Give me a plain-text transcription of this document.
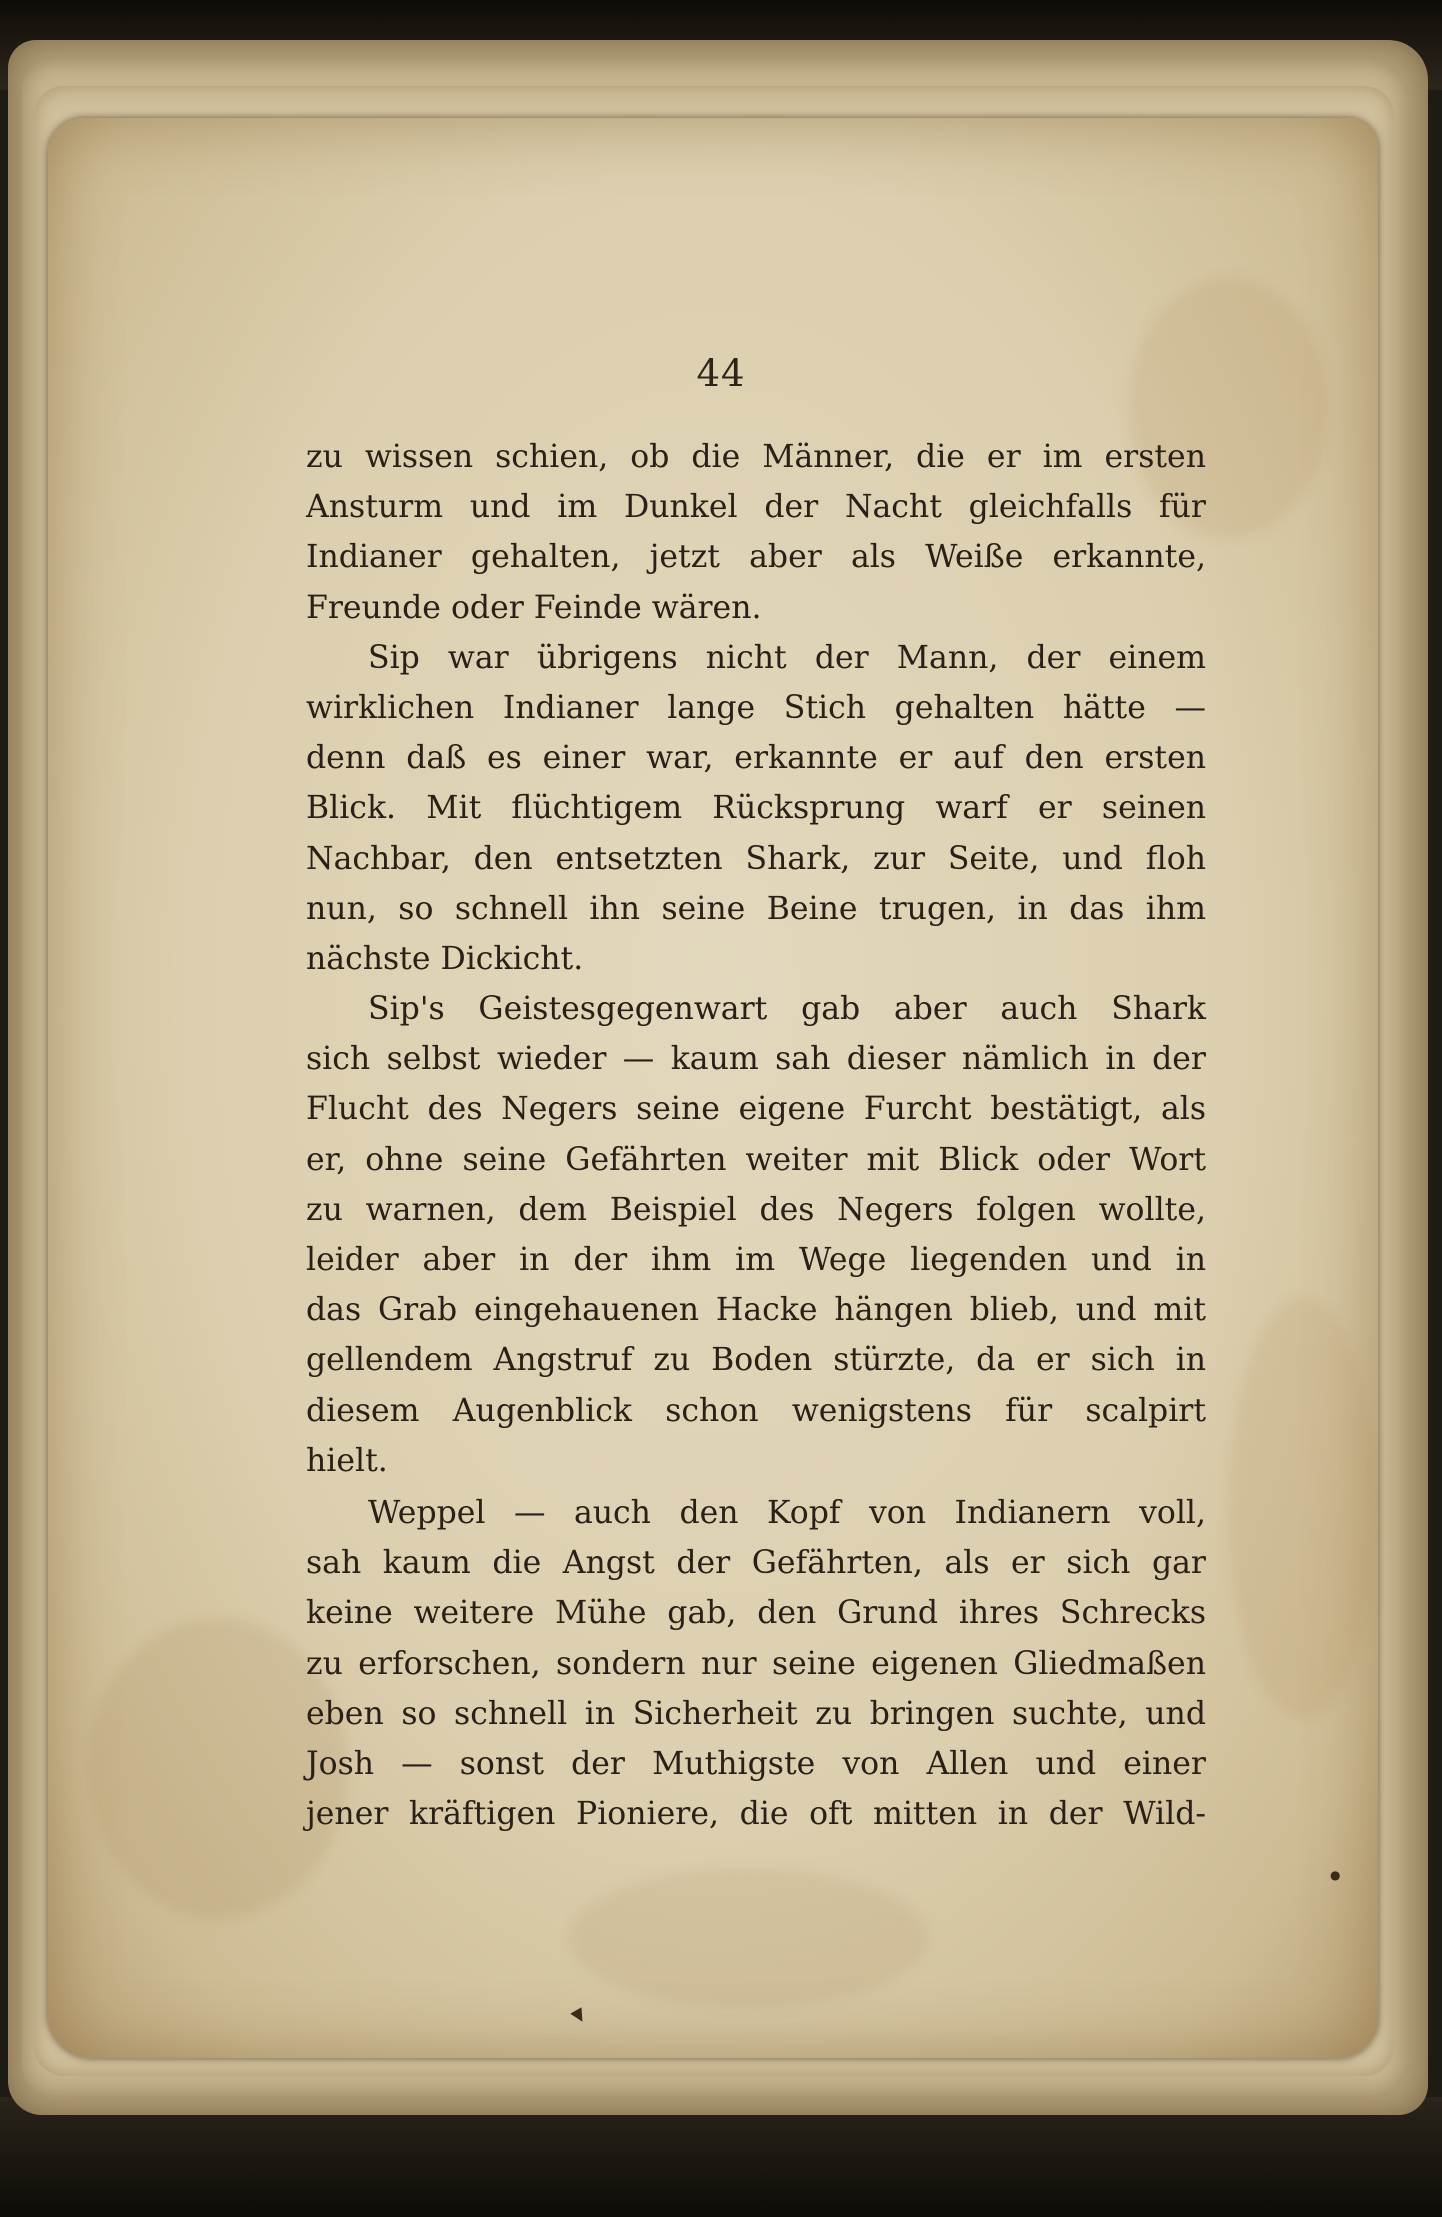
44
zu wissen schien, ob die Männer, die er im ersten
Ansturm und im Dunkel der Nacht gleichfalls für
Indianer gehalten, jetzt aber als Weiße erkannte,
Freunde oder Feinde wären.
Sip war übrigens nicht der Mann, der einem
wirklichen Indianer lange Stich gehalten hätte —
denn daß es einer war, erkannte er auf den ersten
Blick. Mit flüchtigem Rücksprung warf er seinen
Nachbar, den entsetzten Shark, zur Seite, und floh
nun, so schnell ihn seine Beine trugen, in das ihm
nächste Dickicht.
Sip's Geistesgegenwart gab aber auch Shark
sich selbst wieder — kaum sah dieser nämlich in der
Flucht des Negers seine eigene Furcht bestätigt, als
er, ohne seine Gefährten weiter mit Blick oder Wort
zu warnen, dem Beispiel des Negers folgen wollte,
leider aber in der ihm im Wege liegenden und in
das Grab eingehauenen Hacke hängen blieb, und mit
gellendem Angstruf zu Boden stürzte, da er sich in
diesem Augenblick schon wenigstens für scalpirt
hielt.
Weppel — auch den Kopf von Indianern voll,
sah kaum die Angst der Gefährten, als er sich gar
keine weitere Mühe gab, den Grund ihres Schrecks
zu erforschen, sondern nur seine eigenen Gliedmaßen
eben so schnell in Sicherheit zu bringen suchte, und
Josh — sonst der Muthigste von Allen und einer
jener kräftigen Pioniere, die oft mitten in der Wild-
▾
●
